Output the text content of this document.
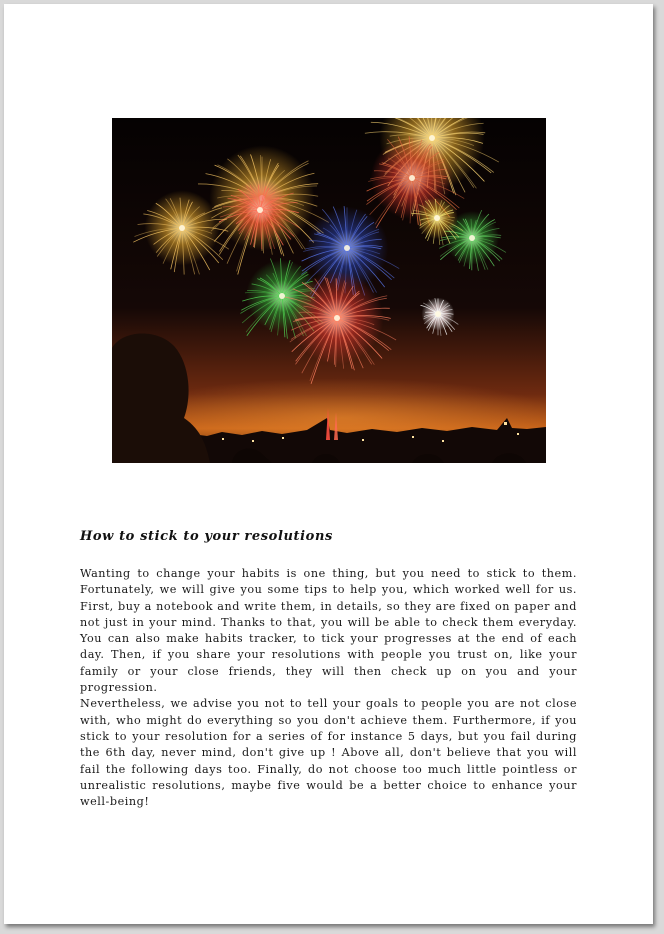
How to stick to your resolutions

Wanting to change your habits is one thing, but you need to stick to them. Fortunately, we will give you some tips to help you, which worked well for us. First, buy a notebook and write them, in details, so they are fixed on paper and not just in your mind. Thanks to that, you will be able to check them everyday. You can also make habits tracker, to tick your progresses at the end of each day. Then, if you share your resolutions with people you trust on, like your family or your close friends, they will then check up on you and your progression.

Nevertheless, we advise you not to tell your goals to people you are not close with, who might do everything so you don't achieve them. Furthermore, if you stick to your resolution for a series of for instance 5 days, but you fail during the 6th day, never mind, don't give up ! Above all, don't believe that you will fail the following days too. Finally, do not choose too much little pointless or unrealistic resolutions, maybe five would be a better choice to enhance your well-being!
